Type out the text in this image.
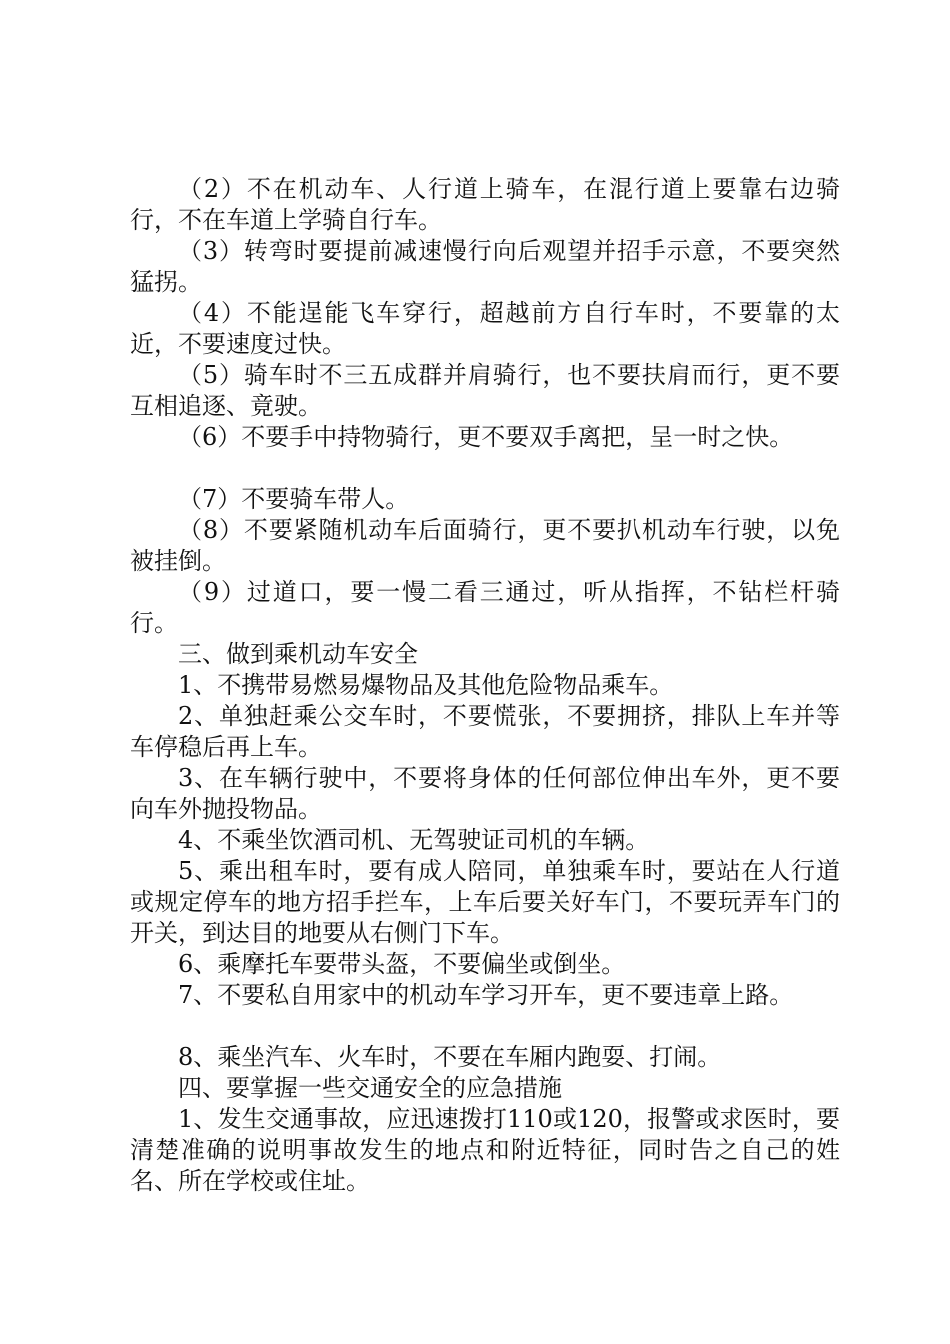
（2）不在机动车、人行道上骑车，在混行道上要靠右边骑行，不在车道上学骑自行车。

（3）转弯时要提前减速慢行向后观望并招手示意，不要突然猛拐。

（4）不能逞能飞车穿行，超越前方自行车时，不要靠的太近，不要速度过快。

（5）骑车时不三五成群并肩骑行，也不要扶肩而行，更不要互相追逐、竟驶。

（6）不要手中持物骑行，更不要双手离把，呈一时之快。

（7）不要骑车带人。

（8）不要紧随机动车后面骑行，更不要扒机动车行驶，以免被挂倒。

（9）过道口，要一慢二看三通过，听从指挥，不钻栏杆骑行。

三、做到乘机动车安全

1、不携带易燃易爆物品及其他危险物品乘车。

2、单独赶乘公交车时，不要慌张，不要拥挤，排队上车并等车停稳后再上车。

3、在车辆行驶中，不要将身体的任何部位伸出车外，更不要向车外抛投物品。

4、不乘坐饮酒司机、无驾驶证司机的车辆。

5、乘出租车时，要有成人陪同，单独乘车时，要站在人行道或规定停车的地方招手拦车，上车后要关好车门，不要玩弄车门的开关，到达目的地要从右侧门下车。

6、乘摩托车要带头盔，不要偏坐或倒坐。

7、不要私自用家中的机动车学习开车，更不要违章上路。

8、乘坐汽车、火车时，不要在车厢内跑耍、打闹。

四、要掌握一些交通安全的应急措施

1、发生交通事故，应迅速拨打110或120，报警或求医时，要清楚准确的说明事故发生的地点和附近特征，同时告之自己的姓名、所在学校或住址。
